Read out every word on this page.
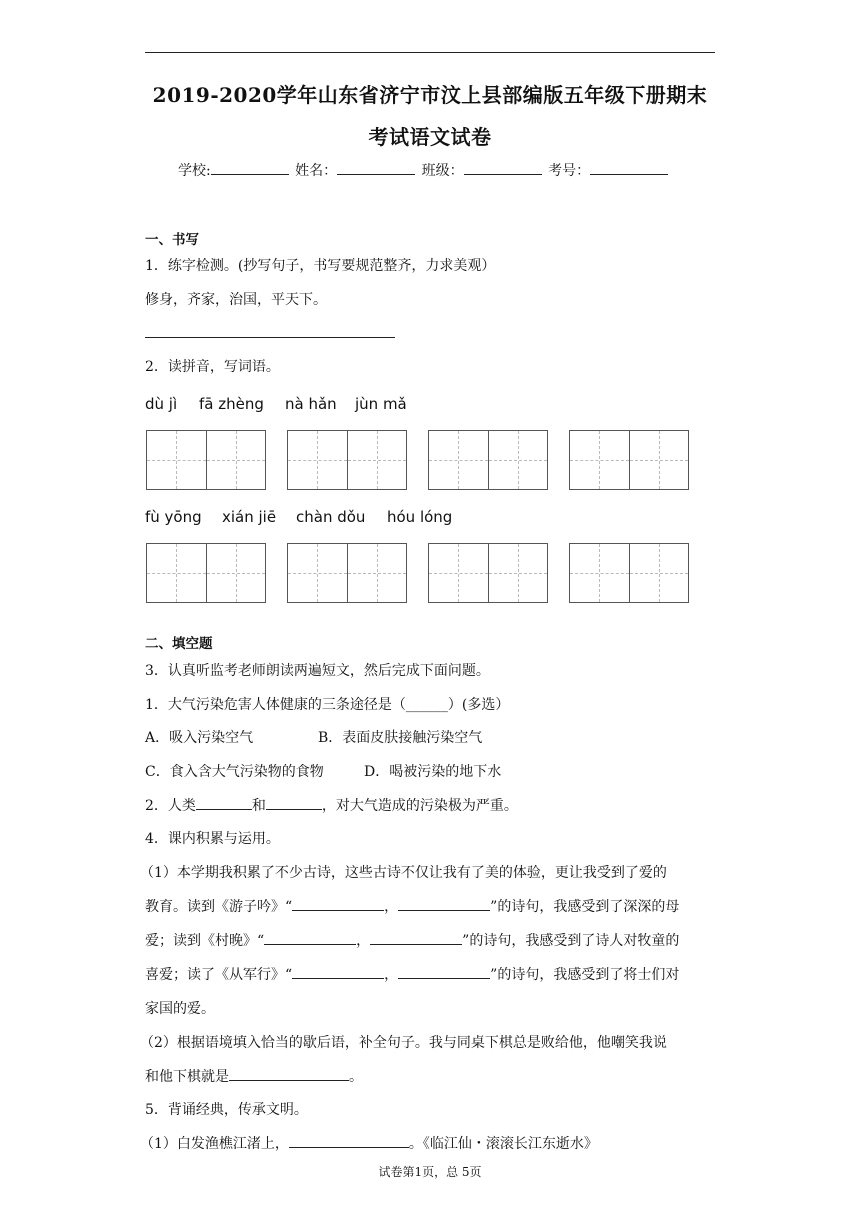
2019-2020学年山东省济宁市汶上县部编版五年级下册期末
考试语文试卷
学校:	姓名：	班级：	考号：
一、书写
1．练字检测。(抄写句子，书写要规范整齐，力求美观）
修身，齐家，治国，平天下。
2．读拼音，写词语。
dù jì fā zhèng nà hǎn jùn mǎ
fù yōng xián jiē chàn dǒu hóu lóng
二、填空题
3．认真听监考老师朗读两遍短文，然后完成下面问题。
1．大气污染危害人体健康的三条途径是（______）(多选）
A．吸入污染空气	B．表面皮肤接触污染空气
C．食入含大气污染物的食物	D．喝被污染的地下水
2．人类	和	，对大气造成的污染极为严重。
4．课内积累与运用。
（1）本学期我积累了不少古诗，这些古诗不仅让我有了美的体验，更让我受到了爱的
教育。读到《游子吟》“	，	”的诗句，我感受到了深深的母
爱；读到《村晚》“	，	”的诗句，我感受到了诗人对牧童的
喜爱；读了《从军行》“	，	”的诗句，我感受到了将士们对
家国的爱。
（2）根据语境填入恰当的歇后语，补全句子。我与同桌下棋总是败给他，他嘲笑我说
和他下棋就是	。
5．背诵经典，传承文明。
（1）白发渔樵江渚上，	。《临江仙・滚滚长江东逝水》
试卷第1页，总 5页
